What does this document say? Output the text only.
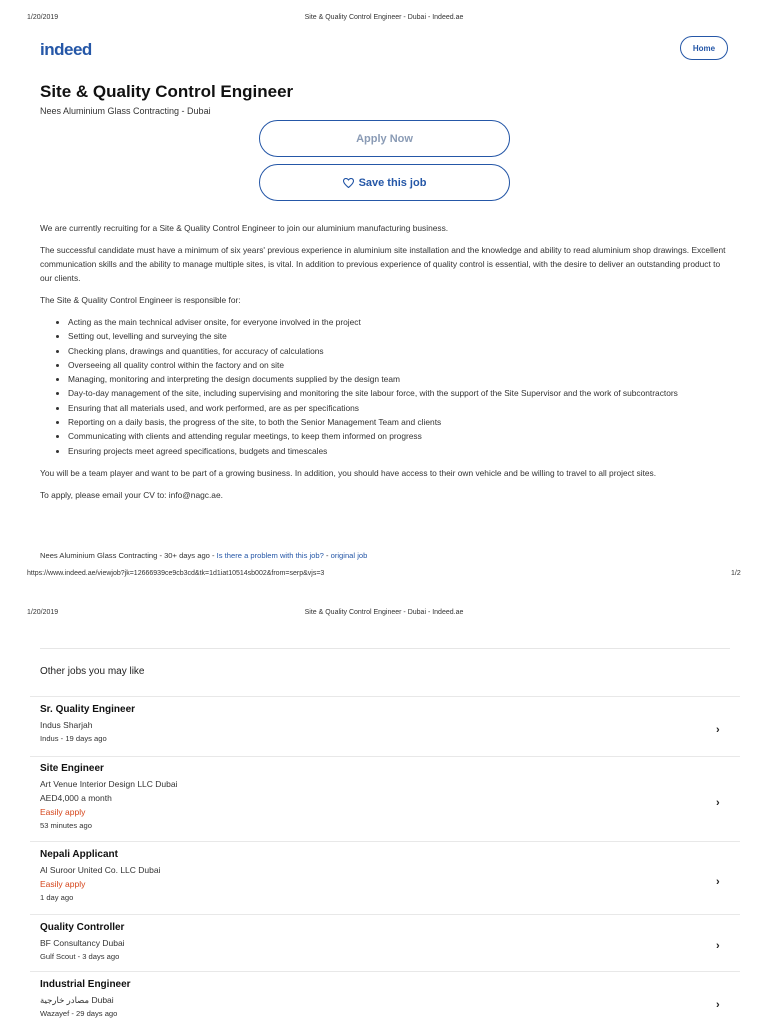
1/20/2019	Site & Quality Control Engineer - Dubai - Indeed.ae
indeed	Home
Site & Quality Control Engineer
Nees Aluminium Glass Contracting - Dubai
Apply Now
Save this job

We are currently recruiting for a Site & Quality Control Engineer to join our aluminium manufacturing business.

The successful candidate must have a minimum of six years' previous experience in aluminium site installation and the knowledge and ability to read aluminium shop drawings. Excellent communication skills and the ability to manage multiple sites, is vital. In addition to previous experience of quality control is essential, with the desire to deliver an outstanding product to our clients.

The Site & Quality Control Engineer is responsible for:

• Acting as the main technical adviser onsite, for everyone involved in the project
• Setting out, levelling and surveying the site
• Checking plans, drawings and quantities, for accuracy of calculations
• Overseeing all quality control within the factory and on site
• Managing, monitoring and interpreting the design documents supplied by the design team
• Day-to-day management of the site, including supervising and monitoring the site labour force, with the support of the Site Supervisor and the work of subcontractors
• Ensuring that all materials used, and work performed, are as per specifications
• Reporting on a daily basis, the progress of the site, to both the Senior Management Team and clients
• Communicating with clients and attending regular meetings, to keep them informed on progress
• Ensuring projects meet agreed specifications, budgets and timescales

You will be a team player and want to be part of a growing business. In addition, you should have access to their own vehicle and be willing to travel to all project sites.

To apply, please email your CV to: info@nagc.ae.

Nees Aluminium Glass Contracting - 30+ days ago - Is there a problem with this job? - original job
https://www.indeed.ae/viewjob?jk=12666939ce9cb3cd&tk=1d1iat10514sb002&from=serp&vjs=3	1/2
1/20/2019	Site & Quality Control Engineer - Dubai - Indeed.ae
Other jobs you may like
Sr. Quality Engineer
Indus Sharjah
Indus - 19 days ago
›
Site Engineer
Art Venue Interior Design LLC Dubai
AED4,000 a month
Easily apply
53 minutes ago
›
Nepali Applicant
Al Suroor United Co. LLC Dubai
Easily apply
1 day ago
›
Quality Controller
BF Consultancy Dubai
Gulf Scout - 3 days ago
›
Industrial Engineer
مصادر خارجية Dubai
Wazayef - 29 days ago
›
